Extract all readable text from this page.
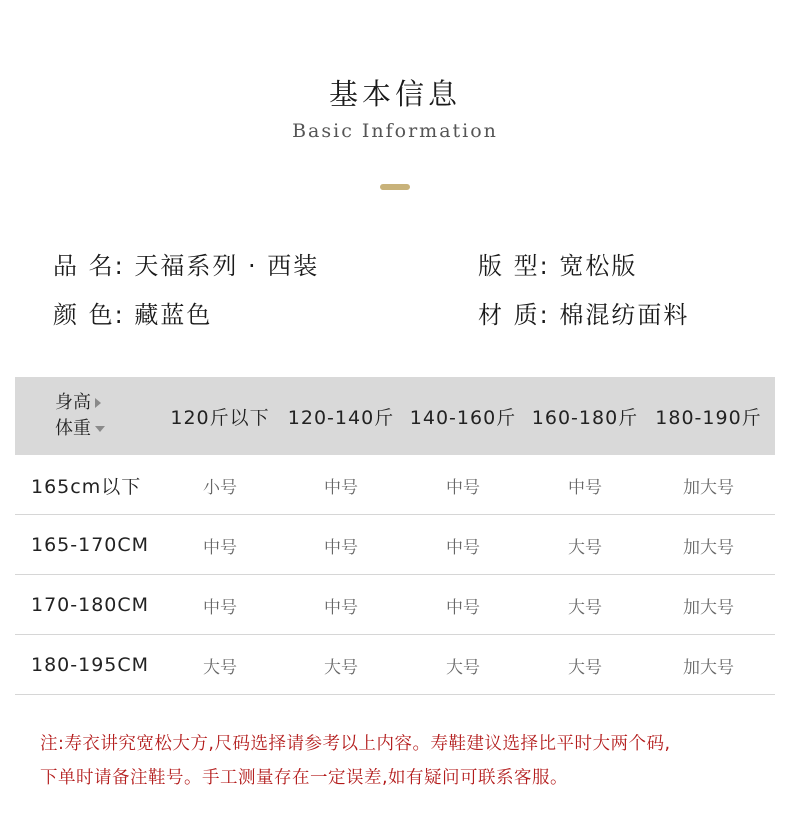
基本信息
Basic Information
品 名: 天福系列 · 西装	版 型: 宽松版
颜 色: 藏蓝色	材 质: 棉混纺面料
身高
体重	120斤以下 120-140斤 140-160斤 160-180斤 180-190斤
165cm以下	小号	中号	中号	中号	加大号
165-170CM	中号	中号	中号	大号	加大号
170-180CM	中号	中号	中号	大号	加大号
180-195CM	大号	大号	大号	大号	加大号
注:寿衣讲究宽松大方,尺码选择请参考以上内容。寿鞋建议选择比平时大两个码,
下单时请备注鞋号。手工测量存在一定误差,如有疑问可联系客服。
